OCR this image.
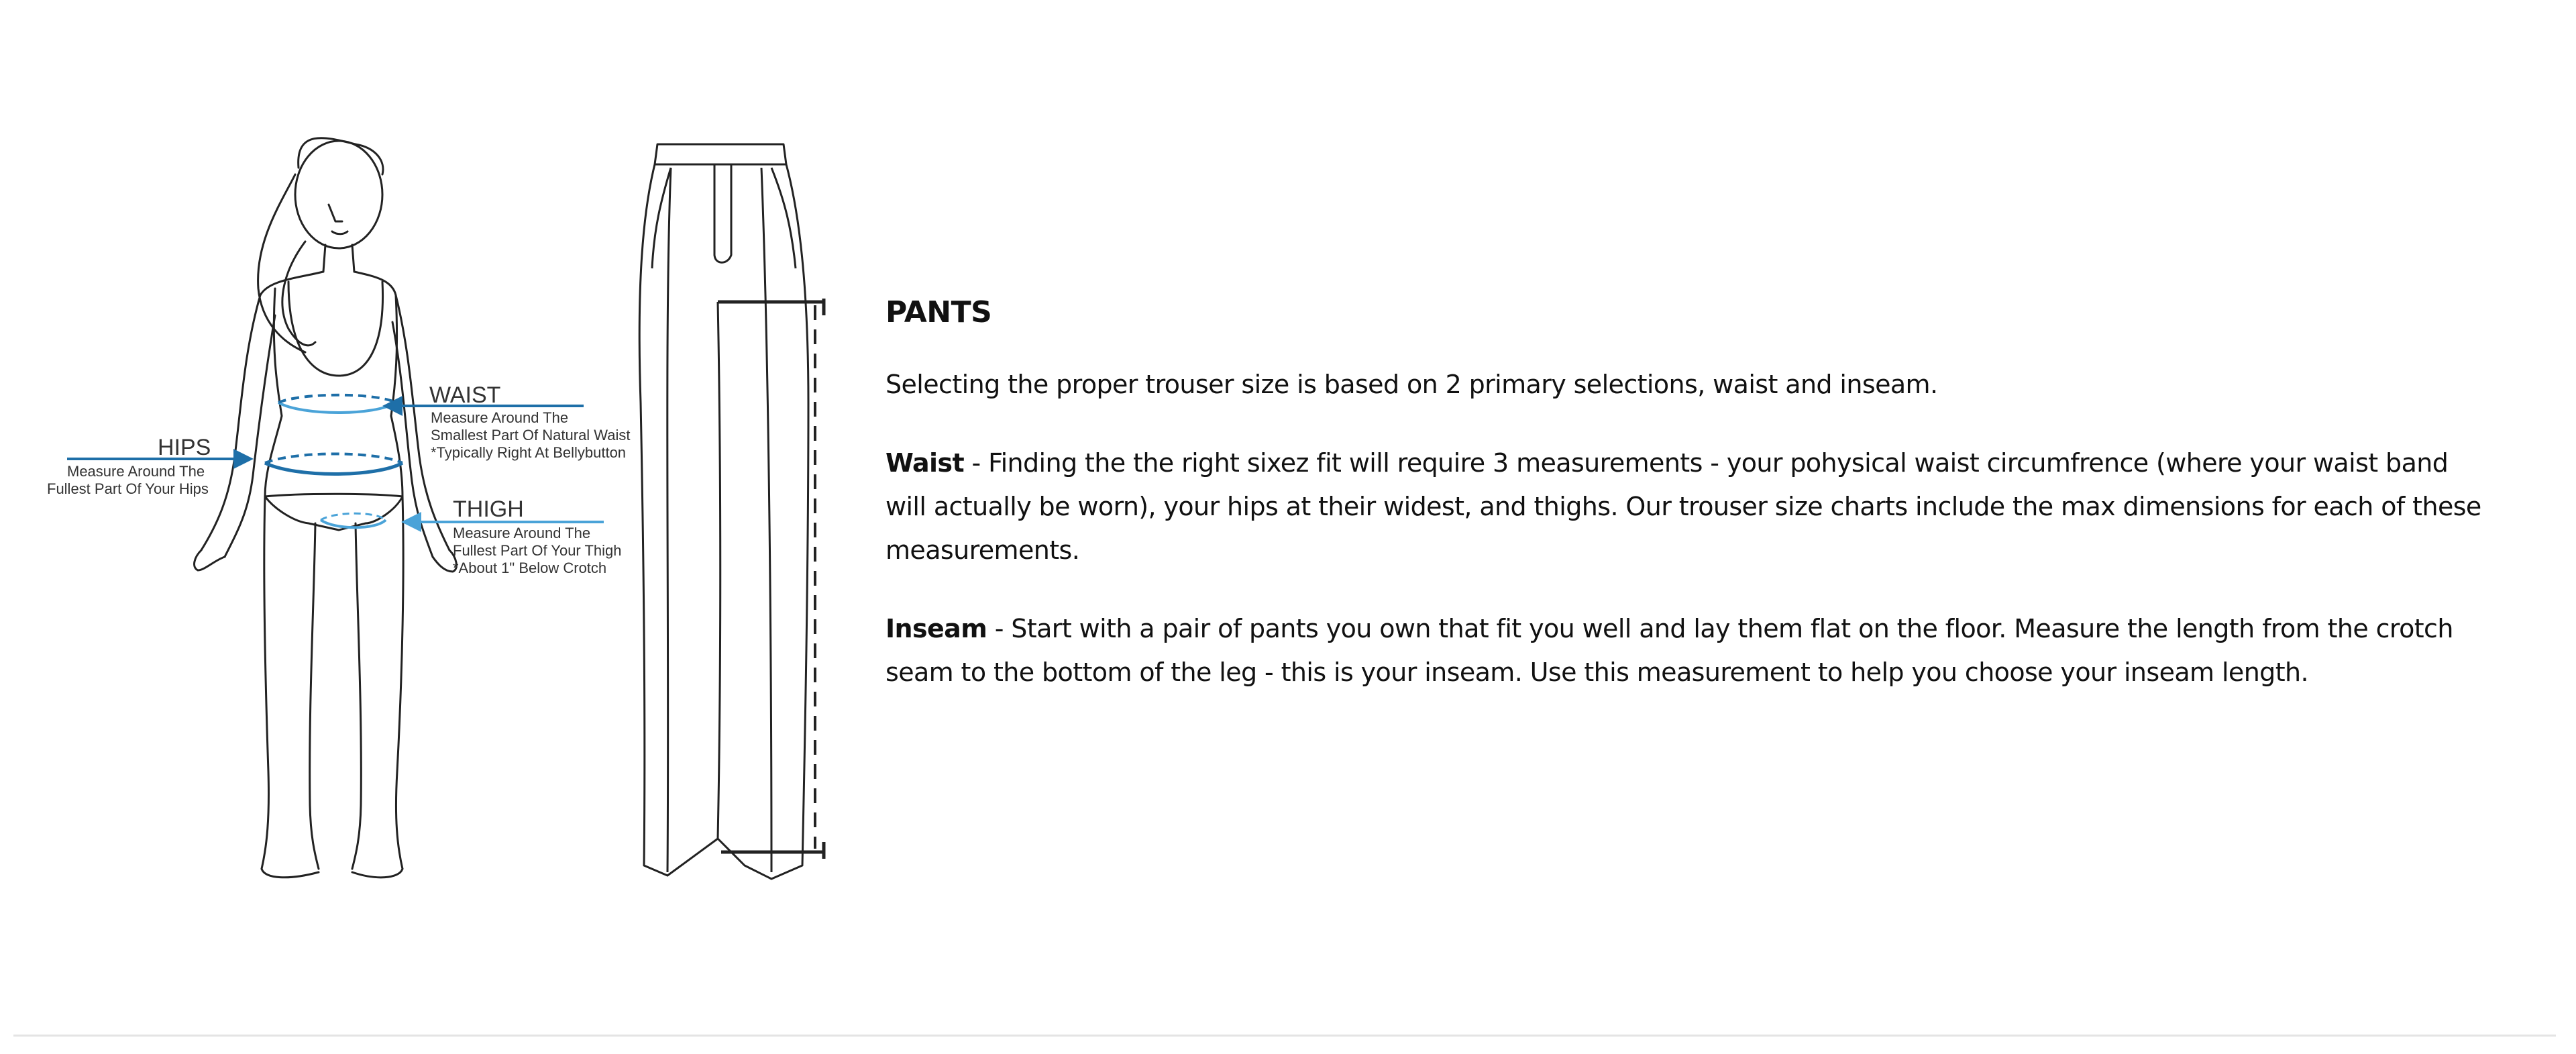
WAIST
Measure Around The
Smallest Part Of Natural Waist
*Typically Right At Bellybutton
HIPS
Measure Around The
Fullest Part Of Your Hips
THIGH
Measure Around The
Fullest Part Of Your Thigh
*About 1" Below Crotch
PANTS

Selecting the proper trouser size is based on 2 primary selections, waist and inseam.

Waist - Finding the the right sixez fit will require 3 measurements - your pohysical waist circumfrence (where your waist band will actually be worn), your hips at their widest, and thighs. Our trouser size charts include the max dimensions for each of these measurements.

Inseam - Start with a pair of pants you own that fit you well and lay them flat on the floor. Measure the length from the crotch seam to the bottom of the leg - this is your inseam. Use this measurement to help you choose your inseam length.
